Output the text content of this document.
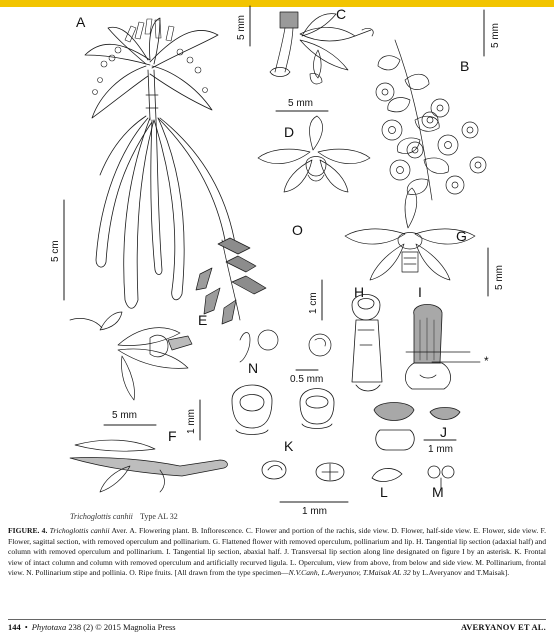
A
B
C
D
E
F
G
H	I
J
K
L	M
N
O
5 mm	5 mm
5 mm
5 cm
1 cm
5 mm
0.5 mm
5 mm	1 mm
1 mm
1 mm
*
Trichoglottis canhii Type AL 32
FIGURE. 4. Trichoglottis canhii Aver. A. Flowering plant. B. Inflorescence. C. Flower and portion of the rachis, side view. D. Flower, half-side view. E. Flower, side view. F. Flower, sagittal section, with removed operculum and pollinarium. G. Flattened flower with removed operculum, pollinarium and lip. H. Tangential lip section (adaxial half) and column with removed operculum and pollinarium. I. Tangential lip section, abaxial half. J. Transversal lip section along line designated on figure I by an asterisk. K. Frontal view of intact column and column with removed operculum and artificially recurved ligula. L. Operculum, view from above, from below and side view. M. Pollinarium, frontal view. N. Pollinarium stipe and pollinia. O. Ripe fruits. [All drawn from the type specimen—N.V.Canh, L.Averyanov, T.Maisak AL 32 by L.Averyanov and T.Maisak].
144 • Phytotaxa 238 (2) © 2015 Magnolia Press	AVERYANOV ET AL.
